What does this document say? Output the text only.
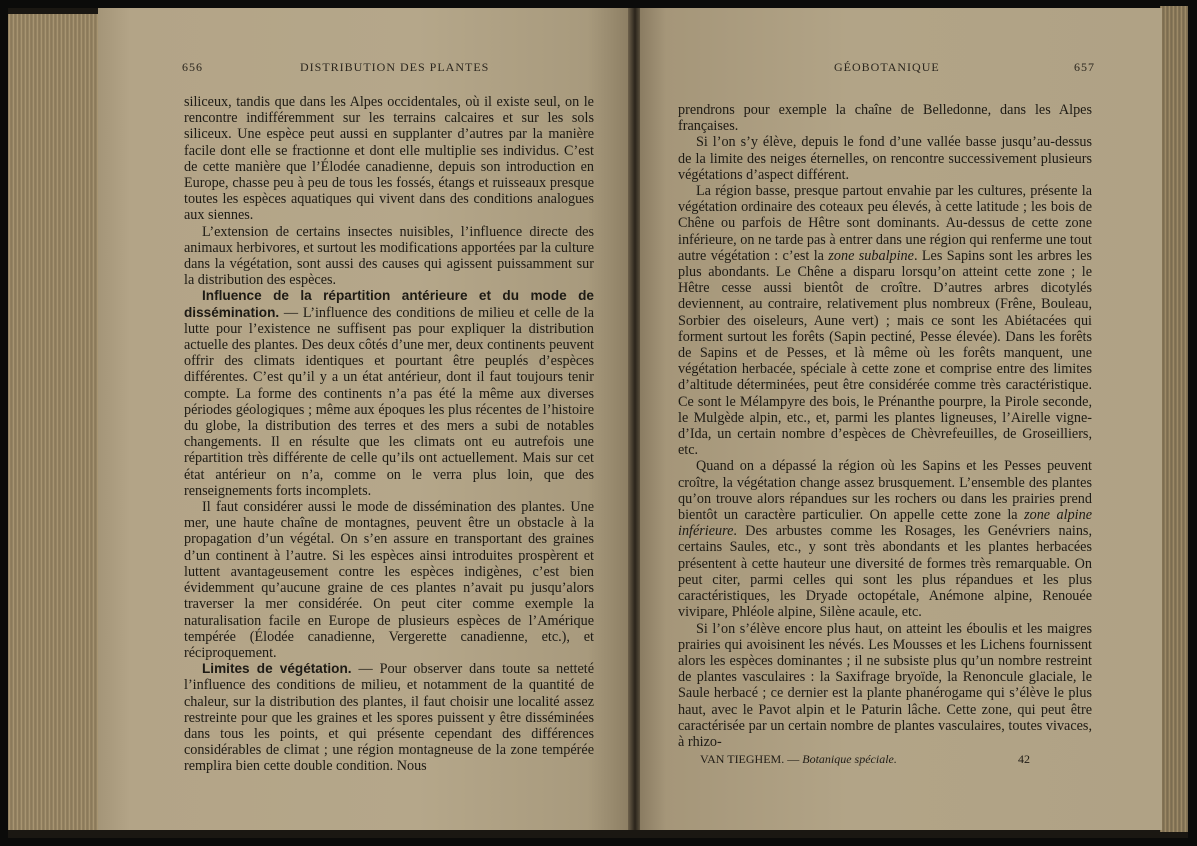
656	DISTRIBUTION DES PLANTES	GÉOBOTANIQUE	657

siliceux, tandis que dans les Alpes occidentales, où il existe seul, on le rencontre indifféremment sur les terrains calcaires et sur les sols siliceux. Une espèce peut aussi en supplanter d’autres par la manière facile dont elle se fractionne et dont elle multiplie ses individus. C’est de cette manière que l’Élodée canadienne, depuis son introduction en Europe, chasse peu à peu de tous les fossés, étangs et ruisseaux presque toutes les espèces aquatiques qui vivent dans des conditions analogues aux siennes.

L’extension de certains insectes nuisibles, l’influence directe des animaux herbivores, et surtout les modifications apportées par la culture dans la végétation, sont aussi des causes qui agissent puissamment sur la distribution des espèces.

Influence de la répartition antérieure et du mode de dissémination. — L’influence des conditions de milieu et celle de la lutte pour l’existence ne suffisent pas pour expliquer la distribution actuelle des plantes. Des deux côtés d’une mer, deux continents peuvent offrir des climats identiques et pourtant être peuplés d’espèces différentes. C’est qu’il y a un état antérieur, dont il faut toujours tenir compte. La forme des continents n’a pas été la même aux diverses périodes géologiques ; même aux époques les plus récentes de l’histoire du globe, la distribution des terres et des mers a subi de notables changements. Il en résulte que les climats ont eu autrefois une répartition très différente de celle qu’ils ont actuellement. Mais sur cet état antérieur on n’a, comme on le verra plus loin, que des renseignements forts incomplets.

Il faut considérer aussi le mode de dissémination des plantes. Une mer, une haute chaîne de montagnes, peuvent être un obstacle à la propagation d’un végétal. On s’en assure en transportant des graines d’un continent à l’autre. Si les espèces ainsi introduites prospèrent et luttent avantageusement contre les espèces indigènes, c’est bien évidemment qu’aucune graine de ces plantes n’avait pu jusqu’alors traverser la mer considérée. On peut citer comme exemple la naturalisation facile en Europe de plusieurs espèces de l’Amérique tempérée (Élodée canadienne, Vergerette canadienne, etc.), et réciproquement.

Limites de végétation. — Pour observer dans toute sa netteté l’influence des conditions de milieu, et notamment de la quantité de chaleur, sur la distribution des plantes, il faut choisir une localité assez restreinte pour que les graines et les spores puissent y être disséminées dans tous les points, et qui présente cependant des différences considérables de climat ; une région montagneuse de la zone tempérée remplira bien cette double condition. Nous

prendrons pour exemple la chaîne de Belledonne, dans les Alpes françaises.

Si l’on s’y élève, depuis le fond d’une vallée basse jusqu’au-dessus de la limite des neiges éternelles, on rencontre successivement plusieurs végétations d’aspect différent.

La région basse, presque partout envahie par les cultures, présente la végétation ordinaire des coteaux peu élevés, à cette latitude ; les bois de Chêne ou parfois de Hêtre sont dominants. Au-dessus de cette zone inférieure, on ne tarde pas à entrer dans une région qui renferme une tout autre végétation : c’est la zone subalpine. Les Sapins sont les arbres les plus abondants. Le Chêne a disparu lorsqu’on atteint cette zone ; le Hêtre cesse aussi bientôt de croître. D’autres arbres dicotylés deviennent, au contraire, relativement plus nombreux (Frêne, Bouleau, Sorbier des oiseleurs, Aune vert) ; mais ce sont les Abiétacées qui forment surtout les forêts (Sapin pectiné, Pesse élevée). Dans les forêts de Sapins et de Pesses, et là même où les forêts manquent, une végétation herbacée, spéciale à cette zone et comprise entre des limites d’altitude déterminées, peut être considérée comme très caractéristique. Ce sont le Mélampyre des bois, le Prénanthe pourpre, la Pirole seconde, le Mulgède alpin, etc., et, parmi les plantes ligneuses, l’Airelle vigne-d’Ida, un certain nombre d’espèces de Chèvrefeuilles, de Groseilliers, etc.

Quand on a dépassé la région où les Sapins et les Pesses peuvent croître, la végétation change assez brusquement. L’ensemble des plantes qu’on trouve alors répandues sur les rochers ou dans les prairies prend bientôt un caractère particulier. On appelle cette zone la zone alpine inférieure. Des arbustes comme les Rosages, les Genévriers nains, certains Saules, etc., y sont très abondants et les plantes herbacées présentent à cette hauteur une diversité de formes très remarquable. On peut citer, parmi celles qui sont les plus répandues et les plus caractéristiques, les Dryade octopétale, Anémone alpine, Renouée vivipare, Phléole alpine, Silène acaule, etc.

Si l’on s’élève encore plus haut, on atteint les éboulis et les maigres prairies qui avoisinent les névés. Les Mousses et les Lichens fournissent alors les espèces dominantes ; il ne subsiste plus qu’un nombre restreint de plantes vasculaires : la Saxifrage bryoïde, la Renoncule glaciale, le Saule herbacé ; ce dernier est la plante phanérogame qui s’élève le plus haut, avec le Pavot alpin et le Paturin lâche. Cette zone, qui peut être caractérisée par un certain nombre de plantes vasculaires, toutes vivaces, à rhizo-

VAN TIEGHEM. — Botanique spéciale.	42
